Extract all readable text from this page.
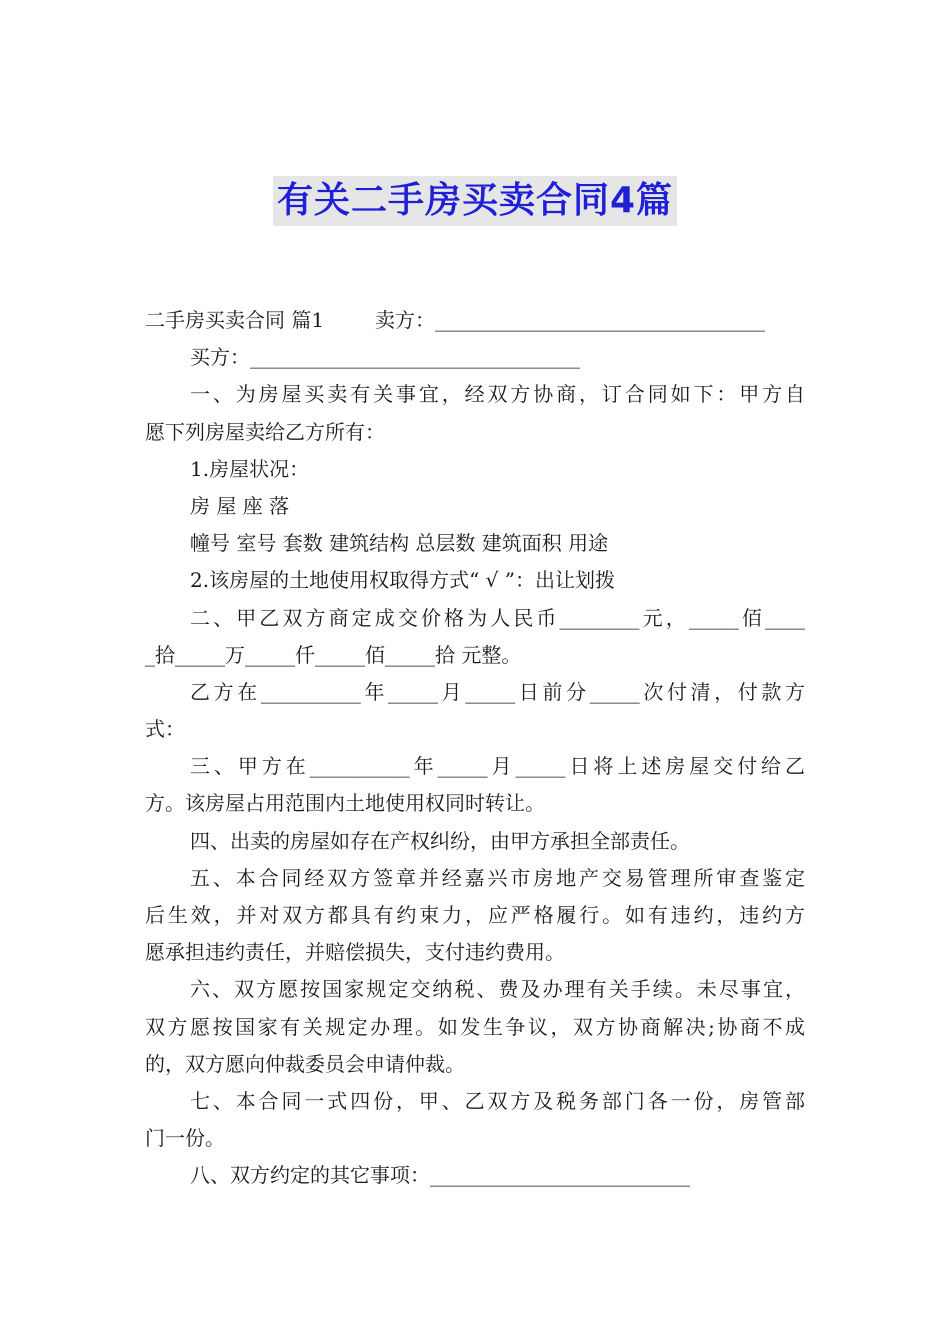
有关二手房买卖合同4篇
二手房买卖合同 篇1        卖方：_________________________________
买方：_________________________________
一、为房屋买卖有关事宜，经双方协商，订合同如下：甲方自
愿下列房屋卖给乙方所有：
1.房屋状况：
房 屋 座 落
幢号 室号 套数 建筑结构 总层数 建筑面积 用途
2.该房屋的土地使用权取得方式“ √ ”：出让划拨
二、甲乙双方商定成交价格为人民币________元，_____佰____
_拾_____万_____仟_____佰_____拾 元整。
乙方在__________年_____月_____日前分_____次付清，付款方
式：
三、甲方在__________年_____月_____日将上述房屋交付给乙
方。该房屋占用范围内土地使用权同时转让。
四、出卖的房屋如存在产权纠纷，由甲方承担全部责任。
五、本合同经双方签章并经嘉兴市房地产交易管理所审查鉴定
后生效，并对双方都具有约束力，应严格履行。如有违约，违约方
愿承担违约责任，并赔偿损失，支付违约费用。
六、双方愿按国家规定交纳税、费及办理有关手续。未尽事宜，
双方愿按国家有关规定办理。如发生争议，双方协商解决;协商不成
的，双方愿向仲裁委员会申请仲裁。
七、本合同一式四份，甲、乙双方及税务部门各一份，房管部
门一份。
八、双方约定的其它事项：__________________________
